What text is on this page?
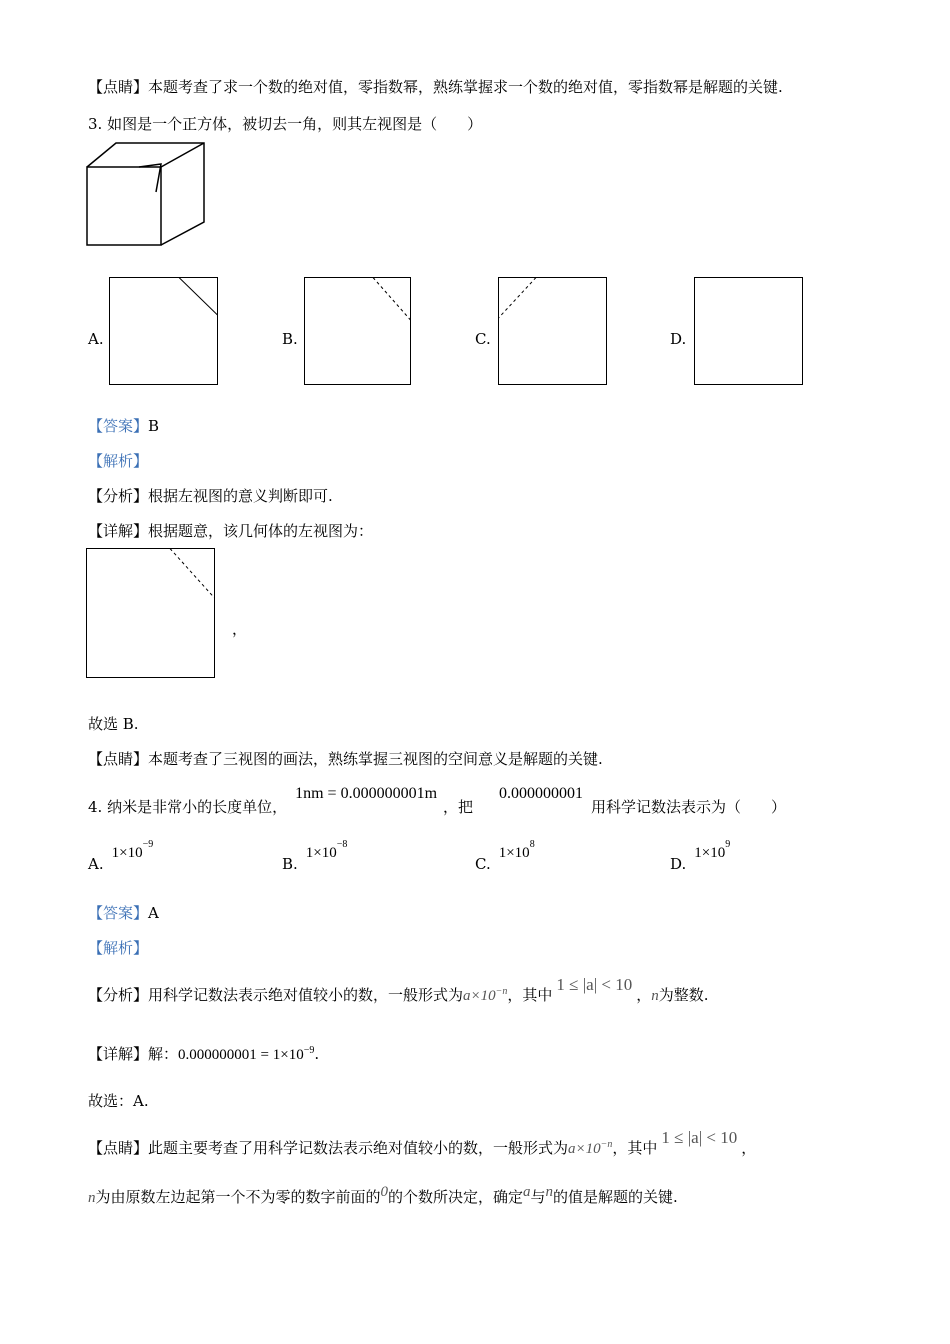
【点睛】本题考查了求一个数的绝对值，零指数幂，熟练掌握求一个数的绝对值，零指数幂是解题的关键.
3. 如图是一个正方体，被切去一角，则其左视图是（　　）
A.	B.	C.	D.
【答案】B
【解析】
【分析】根据左视图的意义判断即可.
【详解】根据题意，该几何体的左视图为：
，
故选 B.
【点睛】本题考查了三视图的画法，熟练掌握三视图的空间意义是解题的关键.
4. 纳米是非常小的长度单位，1nm = 0.000000001m，把0.000000001用科学记数法表示为（　　）
$A.1\times 10^{-9}$
$B.1\times 10^{-8}$
$C.1\times 10^8$
$D.1\times 10^9$
【答案】A
【解析】
【分析】用科学记数法表示绝对值较小的数，一般形式为$a\times 10^{-n}$，其中1 ≤ |a| < 10，n为整数.
【详解】解：$0.000000001 = 1\times 10^{-9}$.
故选：A.
【点睛】此题主要考查了用科学记数法表示绝对值较小的数，一般形式为$a\times 10^{-n}$，其中1 ≤ |a| < 10，
n为由原数左边起第一个不为零的数字前面的0的个数所决定，确定a与n的值是解题的关键.
